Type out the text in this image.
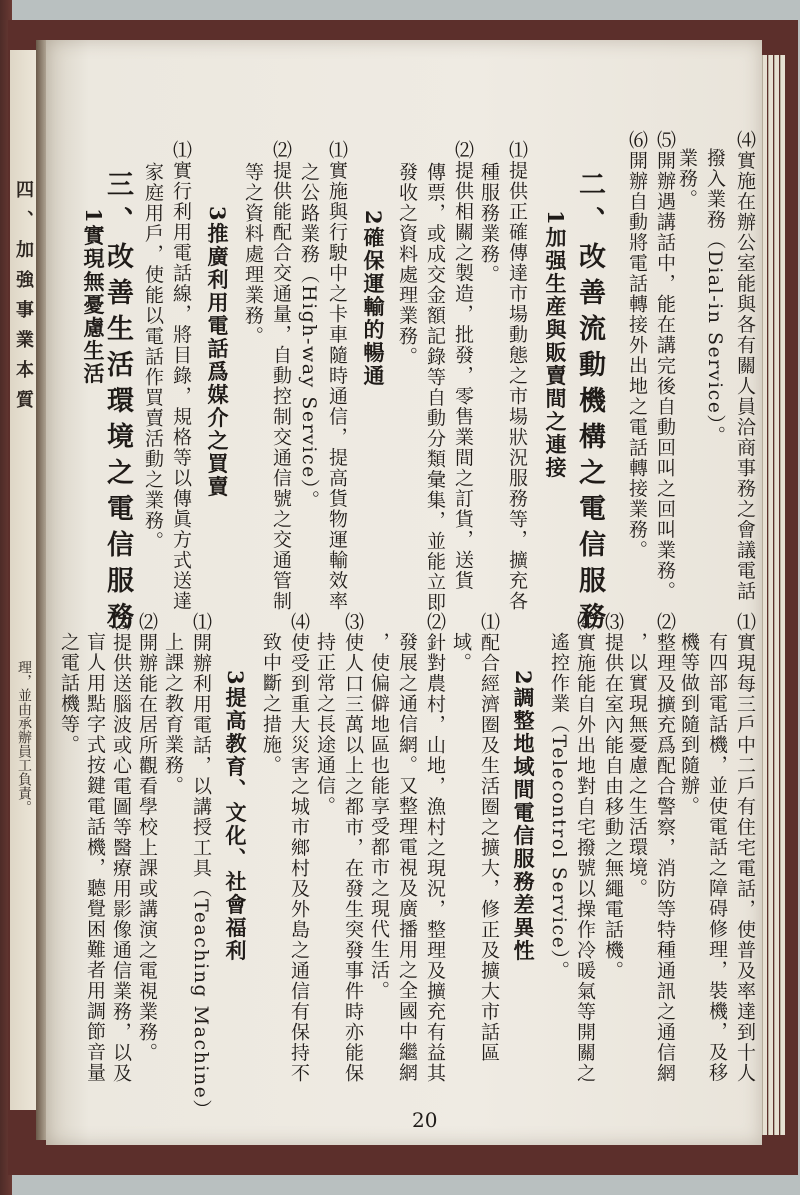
四、加強事業本質
理，並由承辦員工負責。
⑷實施在辦公室能與各有關人員洽商事務之會議電話
撥入業務（Dial-in Service）。
業務。
⑸開辦遇講話中，能在講完後自動回叫之回叫業務。
⑹開辦自動將電話轉接外出地之電話轉接業務。
二、改善流動機構之電信服務
1加强生産與販賣間之連接
⑴提供正確傳達市場動態之市場狀況服務等，擴充各
種服務業務。
⑵提供相關之製造，批發，零售業間之訂貨，送貨
傳票，或成交金額記錄等自動分類彙集，並能立即
發收之資料處理業務。
2確保運輸的暢通
⑴實施與行駛中之卡車隨時通信，提高貨物運輸效率
之公路業務（High-way Service）。
⑵提供能配合交通量，自動控制交通信號之交通管制
等之資料處理業務。
3推廣利用電話爲媒介之買賣
⑴實行利用電話線，將目錄，規格等以傳眞方式送達
家庭用戶，使能以電話作買賣活動之業務。
三、改善生活環境之電信服務
1實現無憂慮生活
⑴實現每三戶中二戶有住宅電話，使普及率達到十人
有四部電話機，並使電話之障碍修理，裝機，及移
機等做到隨到隨辦。
⑵整理及擴充爲配合警察，消防等特種通訊之通信網
，以實現無憂慮之生活環境。
⑶提供在室內能自由移動之無繩電話機。
⑷實施能自外出地對自宅撥號以操作冷暖氣等開關之
遙控作業（Telecontrol Service）。
2調整地域間電信服務差異性
⑴配合經濟圈及生活圈之擴大，修正及擴大市話區
域。
⑵針對農村，山地，漁村之現況，整理及擴充有益其
發展之通信網。又整理電視及廣播用之全國中繼網
，使偏僻地區也能享受都市之現代生活。
⑶使人口三萬以上之都市，在發生突發事件時亦能保
持正常之長途通信。
⑷使受到重大災害之城市鄉村及外島之通信有保持不
致中斷之措施。
3提高教育、文化、社會福利
⑴開辦利用電話，以講授工具（Teaching Machine）
上課之教育業務。
⑵開辦能在居所觀看學校上課或講演之電視業務。
⑶提供送腦波或心電圖等醫療用影像通信業務，以及
盲人用點字式按鍵電話機，聽覺困難者用調節音量
之電話機等。
20
